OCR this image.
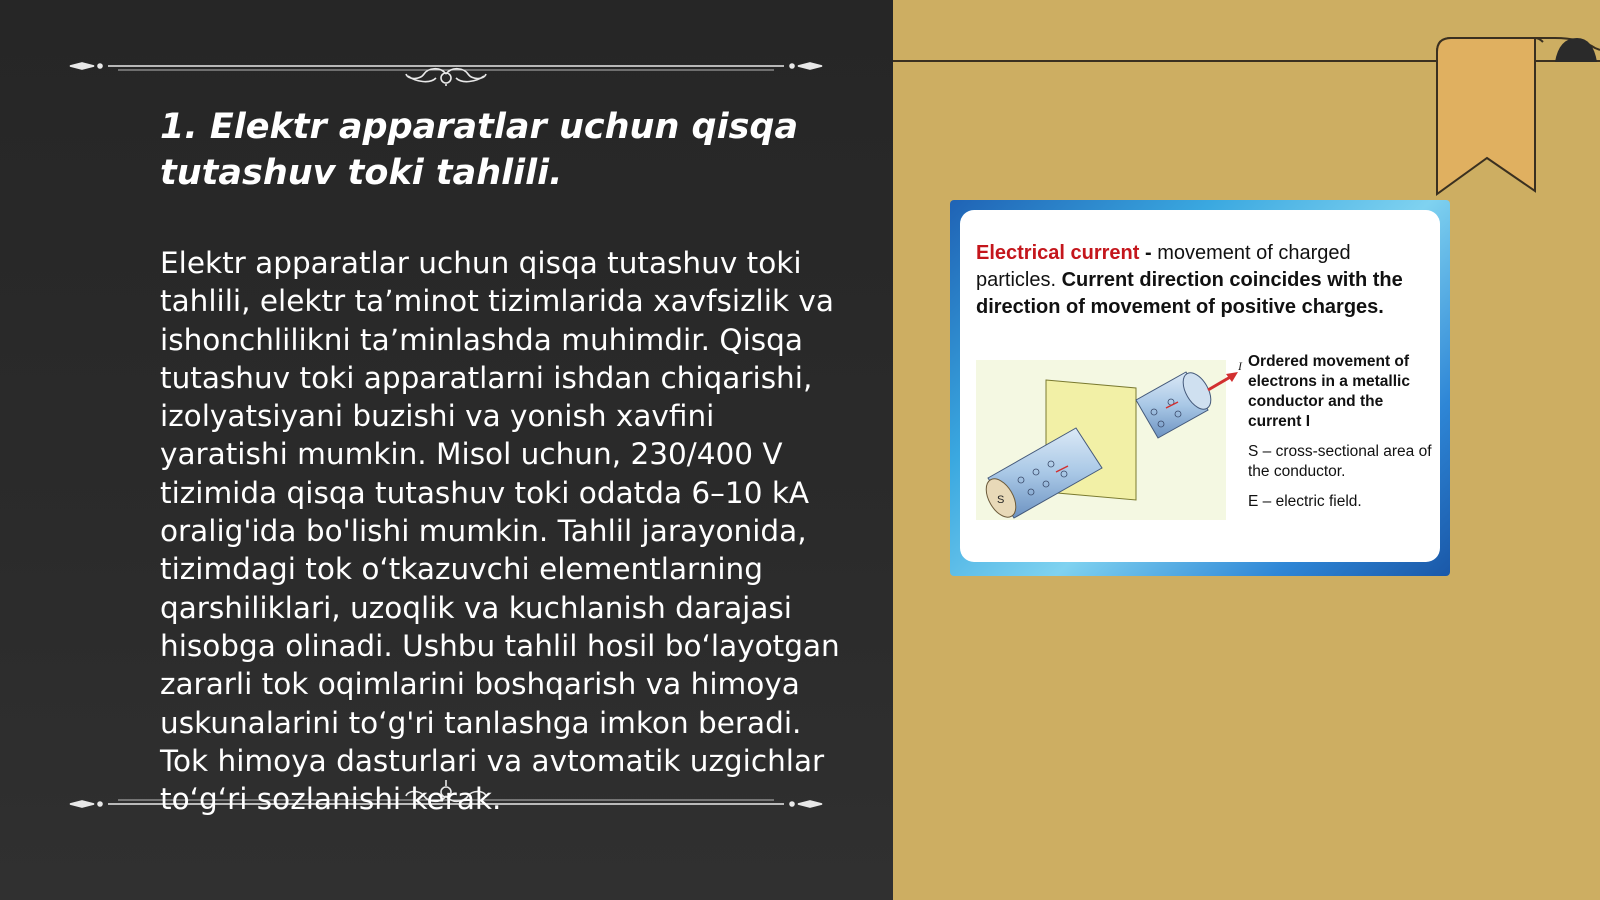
1. Elektr apparatlar uchun qisqa tutashuv toki tahlili.

Elektr apparatlar uchun qisqa tutashuv toki tahlili, elektr taʼminot tizimlarida xavfsizlik va ishonchlilikni taʼminlashda muhimdir. Qisqa tutashuv toki apparatlarni ishdan chiqarishi, izolyatsiyani buzishi va yonish xavfini yaratishi mumkin. Misol uchun, 230/400 V tizimida qisqa tutashuv toki odatda 6–10 kA oralig'ida bo'lishi mumkin. Tahlil jarayonida, tizimdagi tok oʻtkazuvchi elementlarning qarshiliklari, uzoqlik va kuchlanish darajasi hisobga olinadi. Ushbu tahlil hosil boʻlayotgan zararli tok oqimlarini boshqarish va himoya uskunalarini toʻg'ri tanlashga imkon beradi. Tok himoya dasturlari va avtomatik uzgichlar toʻgʻri sozlanishi kerak.

Electrical current - movement of charged particles. Current direction coincides with the direction of movement of positive charges.

S
I Ordered movement of electrons in a metallic conductor and the current I

S – cross-sectional area of the conductor.

E – electric field.
